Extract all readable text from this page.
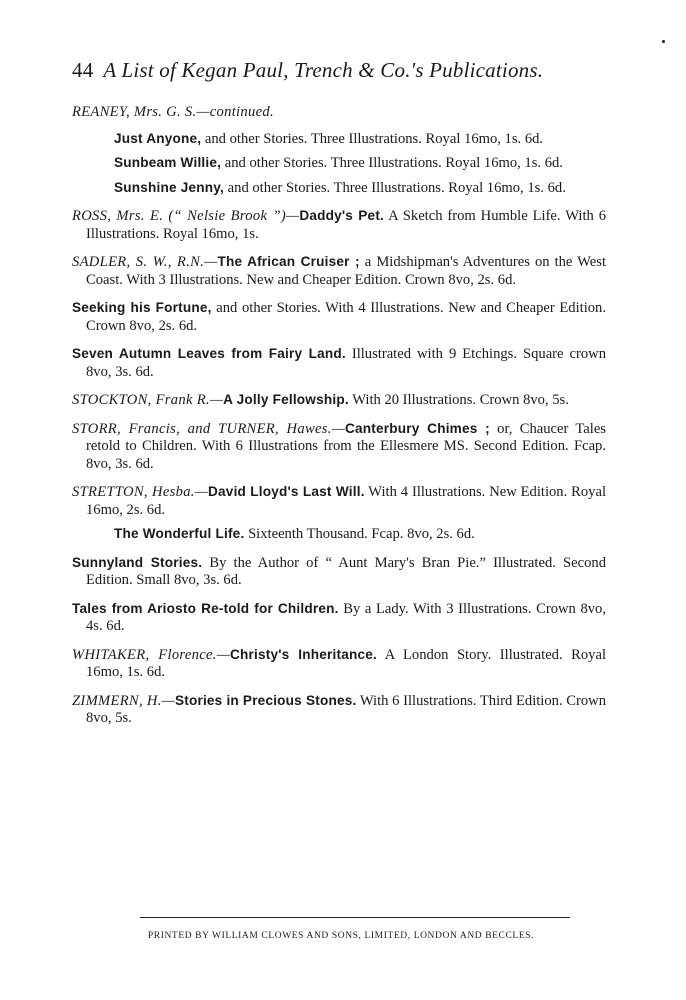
44 A List of Kegan Paul, Trench & Co.'s Publications.
REANEY, Mrs. G. S.—continued.
Just Anyone, and other Stories. Three Illustrations. Royal 16mo, 1s. 6d.
Sunbeam Willie, and other Stories. Three Illustrations. Royal 16mo, 1s. 6d.
Sunshine Jenny, and other Stories. Three Illustrations. Royal 16mo, 1s. 6d.
ROSS, Mrs. E. (“ Nelsie Brook ”)—Daddy's Pet. A Sketch from Humble Life. With 6 Illustrations. Royal 16mo, 1s.
SADLER, S. W., R.N.—The African Cruiser ; a Midshipman's Adventures on the West Coast. With 3 Illustrations. New and Cheaper Edition. Crown 8vo, 2s. 6d.
Seeking his Fortune, and other Stories. With 4 Illustrations. New and Cheaper Edition. Crown 8vo, 2s. 6d.
Seven Autumn Leaves from Fairy Land. Illustrated with 9 Etchings. Square crown 8vo, 3s. 6d.
STOCKTON, Frank R.—A Jolly Fellowship. With 20 Illustrations. Crown 8vo, 5s.
STORR, Francis, and TURNER, Hawes.—Canterbury Chimes ; or, Chaucer Tales retold to Children. With 6 Illustrations from the Ellesmere MS. Second Edition. Fcap. 8vo, 3s. 6d.
STRETTON, Hesba.—David Lloyd's Last Will. With 4 Illustrations. New Edition. Royal 16mo, 2s. 6d.
The Wonderful Life. Sixteenth Thousand. Fcap. 8vo, 2s. 6d.
Sunnyland Stories. By the Author of “ Aunt Mary's Bran Pie.” Illustrated. Second Edition. Small 8vo, 3s. 6d.
Tales from Ariosto Re-told for Children. By a Lady. With 3 Illustrations. Crown 8vo, 4s. 6d.
WHITAKER, Florence.—Christy's Inheritance. A London Story. Illustrated. Royal 16mo, 1s. 6d.
ZIMMERN, H.—Stories in Precious Stones. With 6 Illustrations. Third Edition. Crown 8vo, 5s.
PRINTED BY WILLIAM CLOWES AND SONS, LIMITED, LONDON AND BECCLES.
